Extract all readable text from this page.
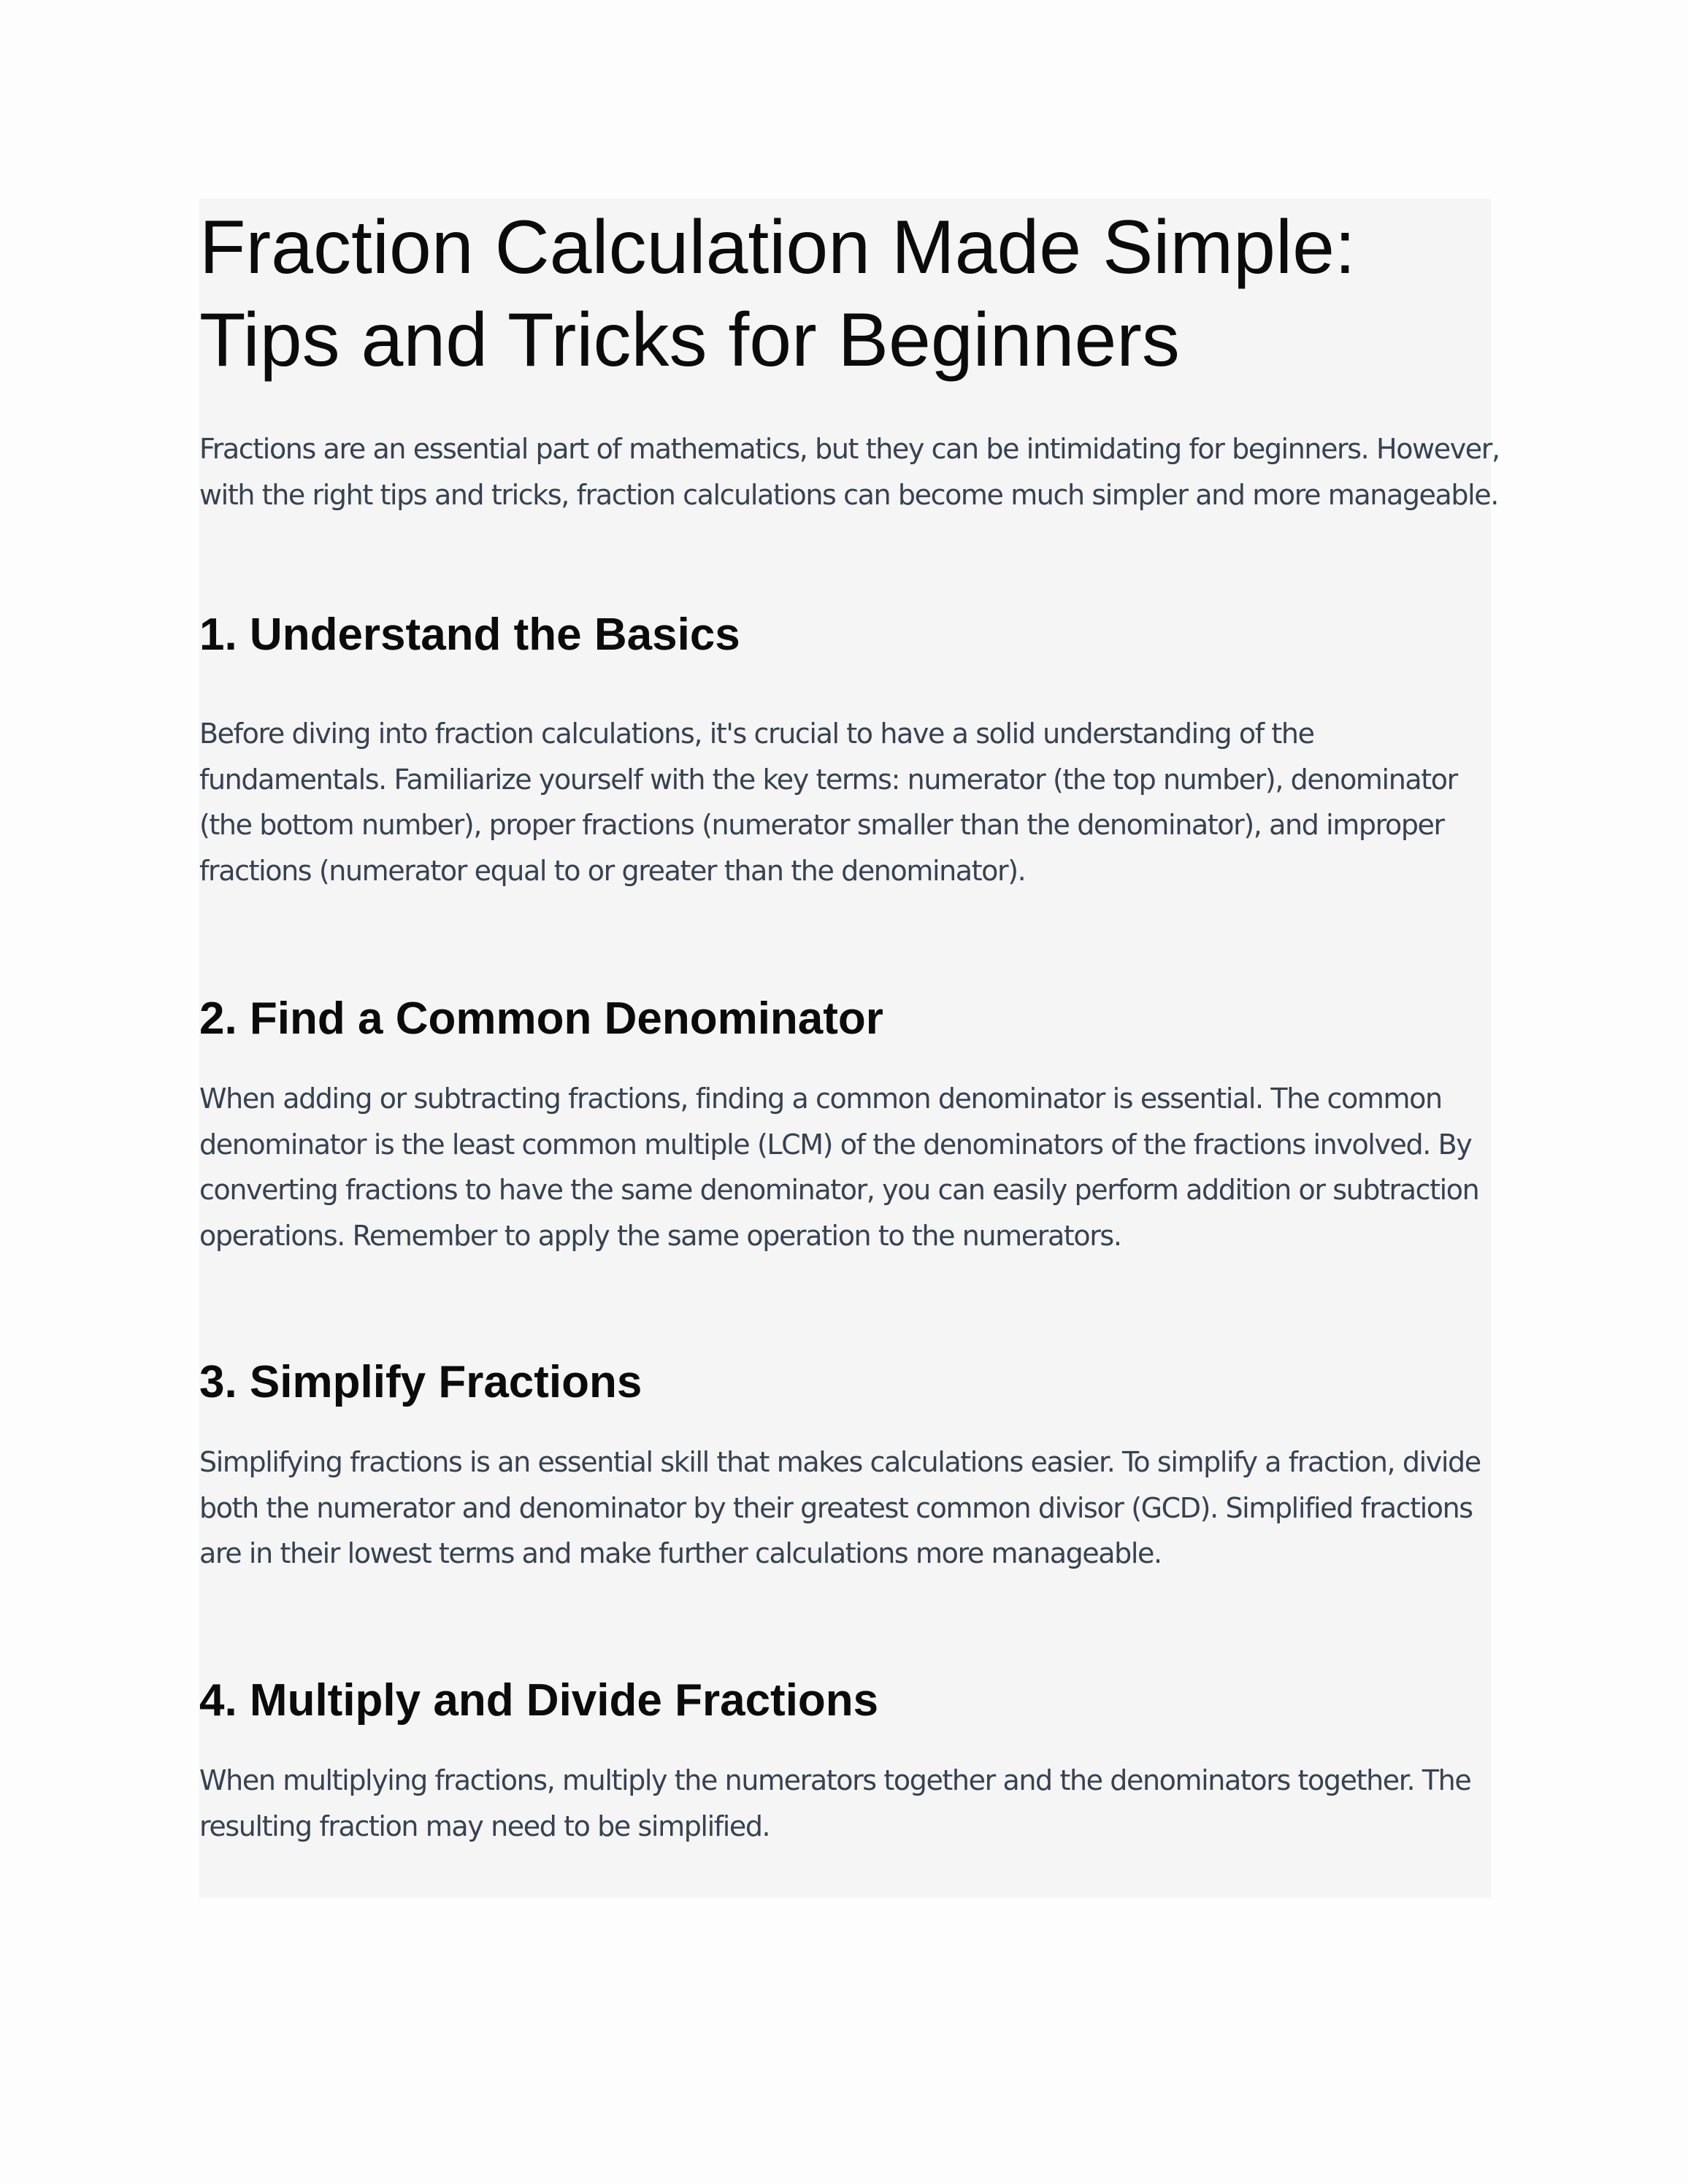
Fraction Calculation Made Simple: Tips and Tricks for Beginners

Fractions are an essential part of mathematics, but they can be intimidating for beginners. However, with the right tips and tricks, fraction calculations can become much simpler and more manageable.

1. Understand the Basics

Before diving into fraction calculations, it's crucial to have a solid understanding of the fundamentals. Familiarize yourself with the key terms: numerator (the top number), denominator (the bottom number), proper fractions (numerator smaller than the denominator), and improper fractions (numerator equal to or greater than the denominator).

2. Find a Common Denominator

When adding or subtracting fractions, finding a common denominator is essential. The common denominator is the least common multiple (LCM) of the denominators of the fractions involved. By converting fractions to have the same denominator, you can easily perform addition or subtraction operations. Remember to apply the same operation to the numerators.

3. Simplify Fractions

Simplifying fractions is an essential skill that makes calculations easier. To simplify a fraction, divide both the numerator and denominator by their greatest common divisor (GCD). Simplified fractions are in their lowest terms and make further calculations more manageable.

4. Multiply and Divide Fractions

When multiplying fractions, multiply the numerators together and the denominators together. The resulting fraction may need to be simplified.
